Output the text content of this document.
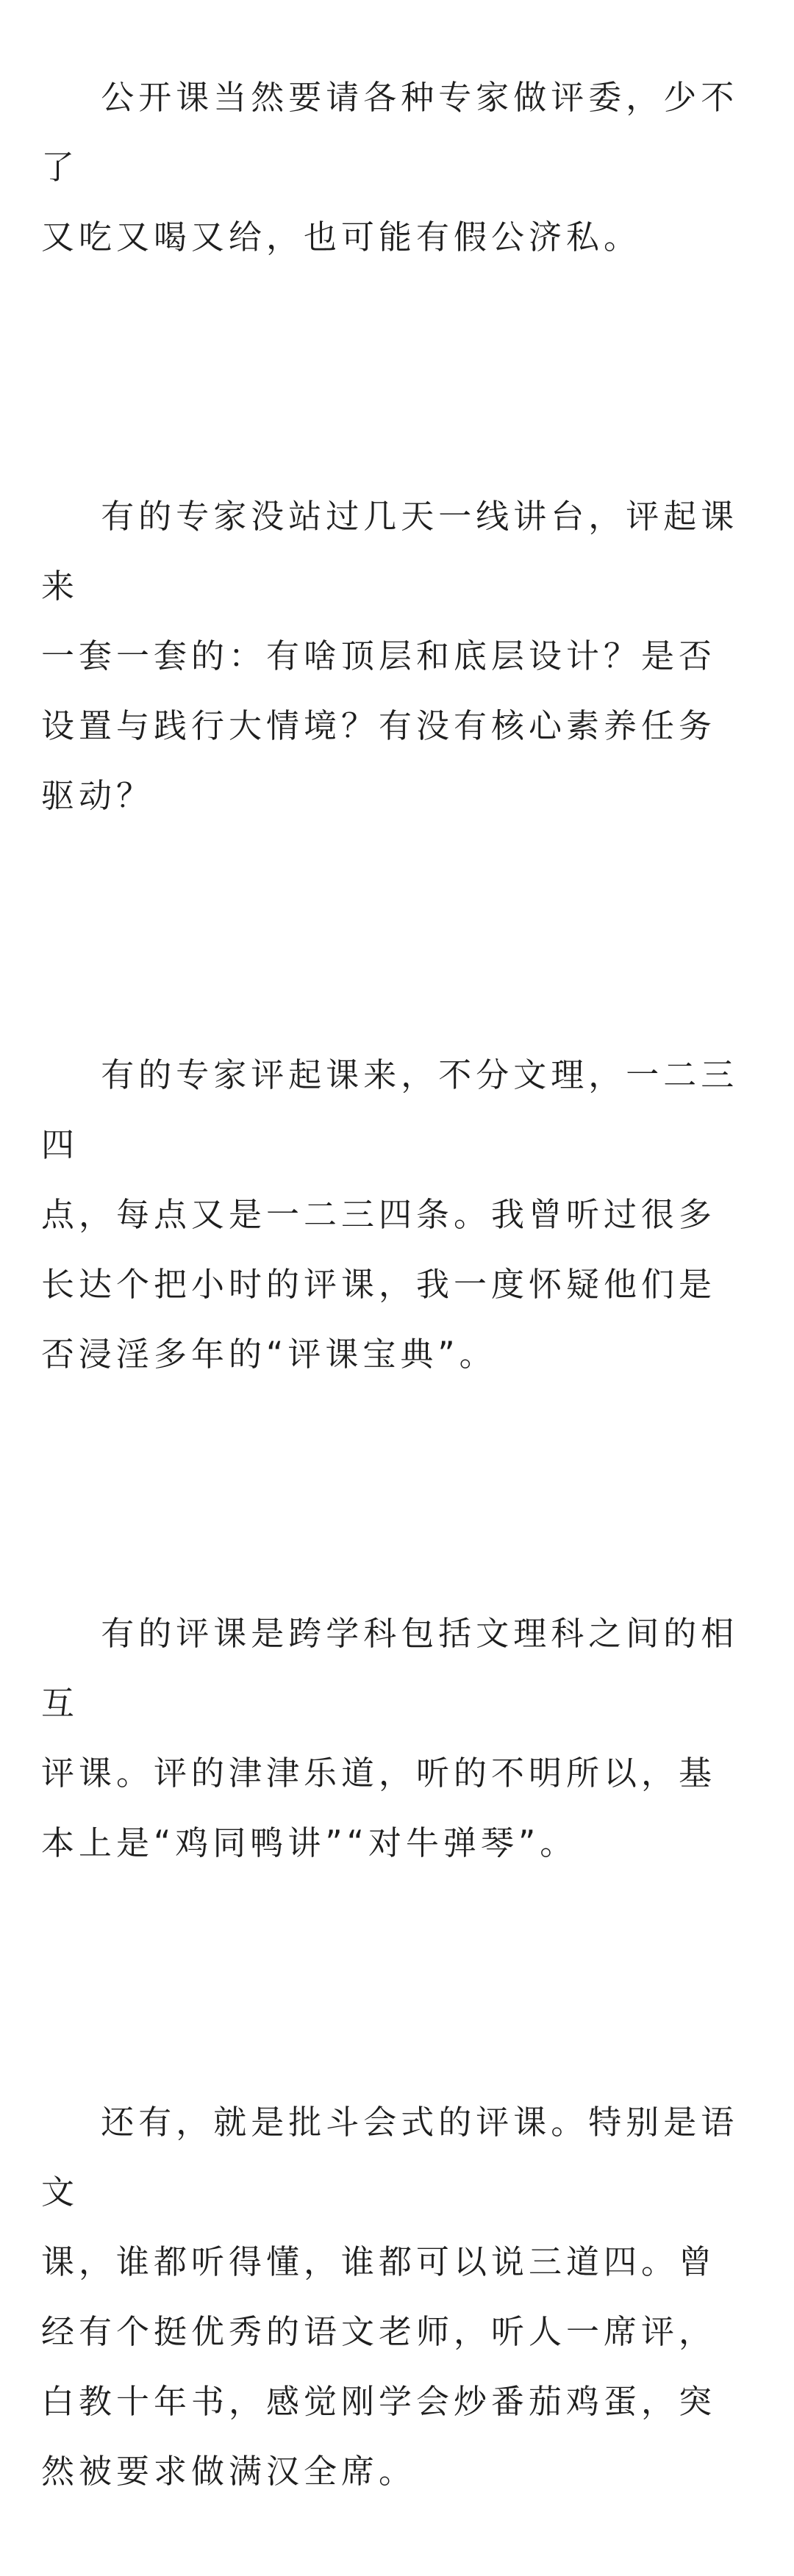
公开课当然要请各种专家做评委，少不了
又吃又喝又给，也可能有假公济私。

有的专家没站过几天一线讲台，评起课来
一套一套的：有啥顶层和底层设计？是否
设置与践行大情境？有没有核心素养任务
驱动？

有的专家评起课来，不分文理，一二三四
点，每点又是一二三四条。我曾听过很多
长达个把小时的评课，我一度怀疑他们是
否浸淫多年的“评课宝典”。

有的评课是跨学科包括文理科之间的相互
评课。评的津津乐道，听的不明所以，基
本上是“鸡同鸭讲”“对牛弹琴”。

还有，就是批斗会式的评课。特别是语文
课，谁都听得懂，谁都可以说三道四。曾
经有个挺优秀的语文老师，听人一席评，
白教十年书，感觉刚学会炒番茄鸡蛋，突
然被要求做满汉全席。
